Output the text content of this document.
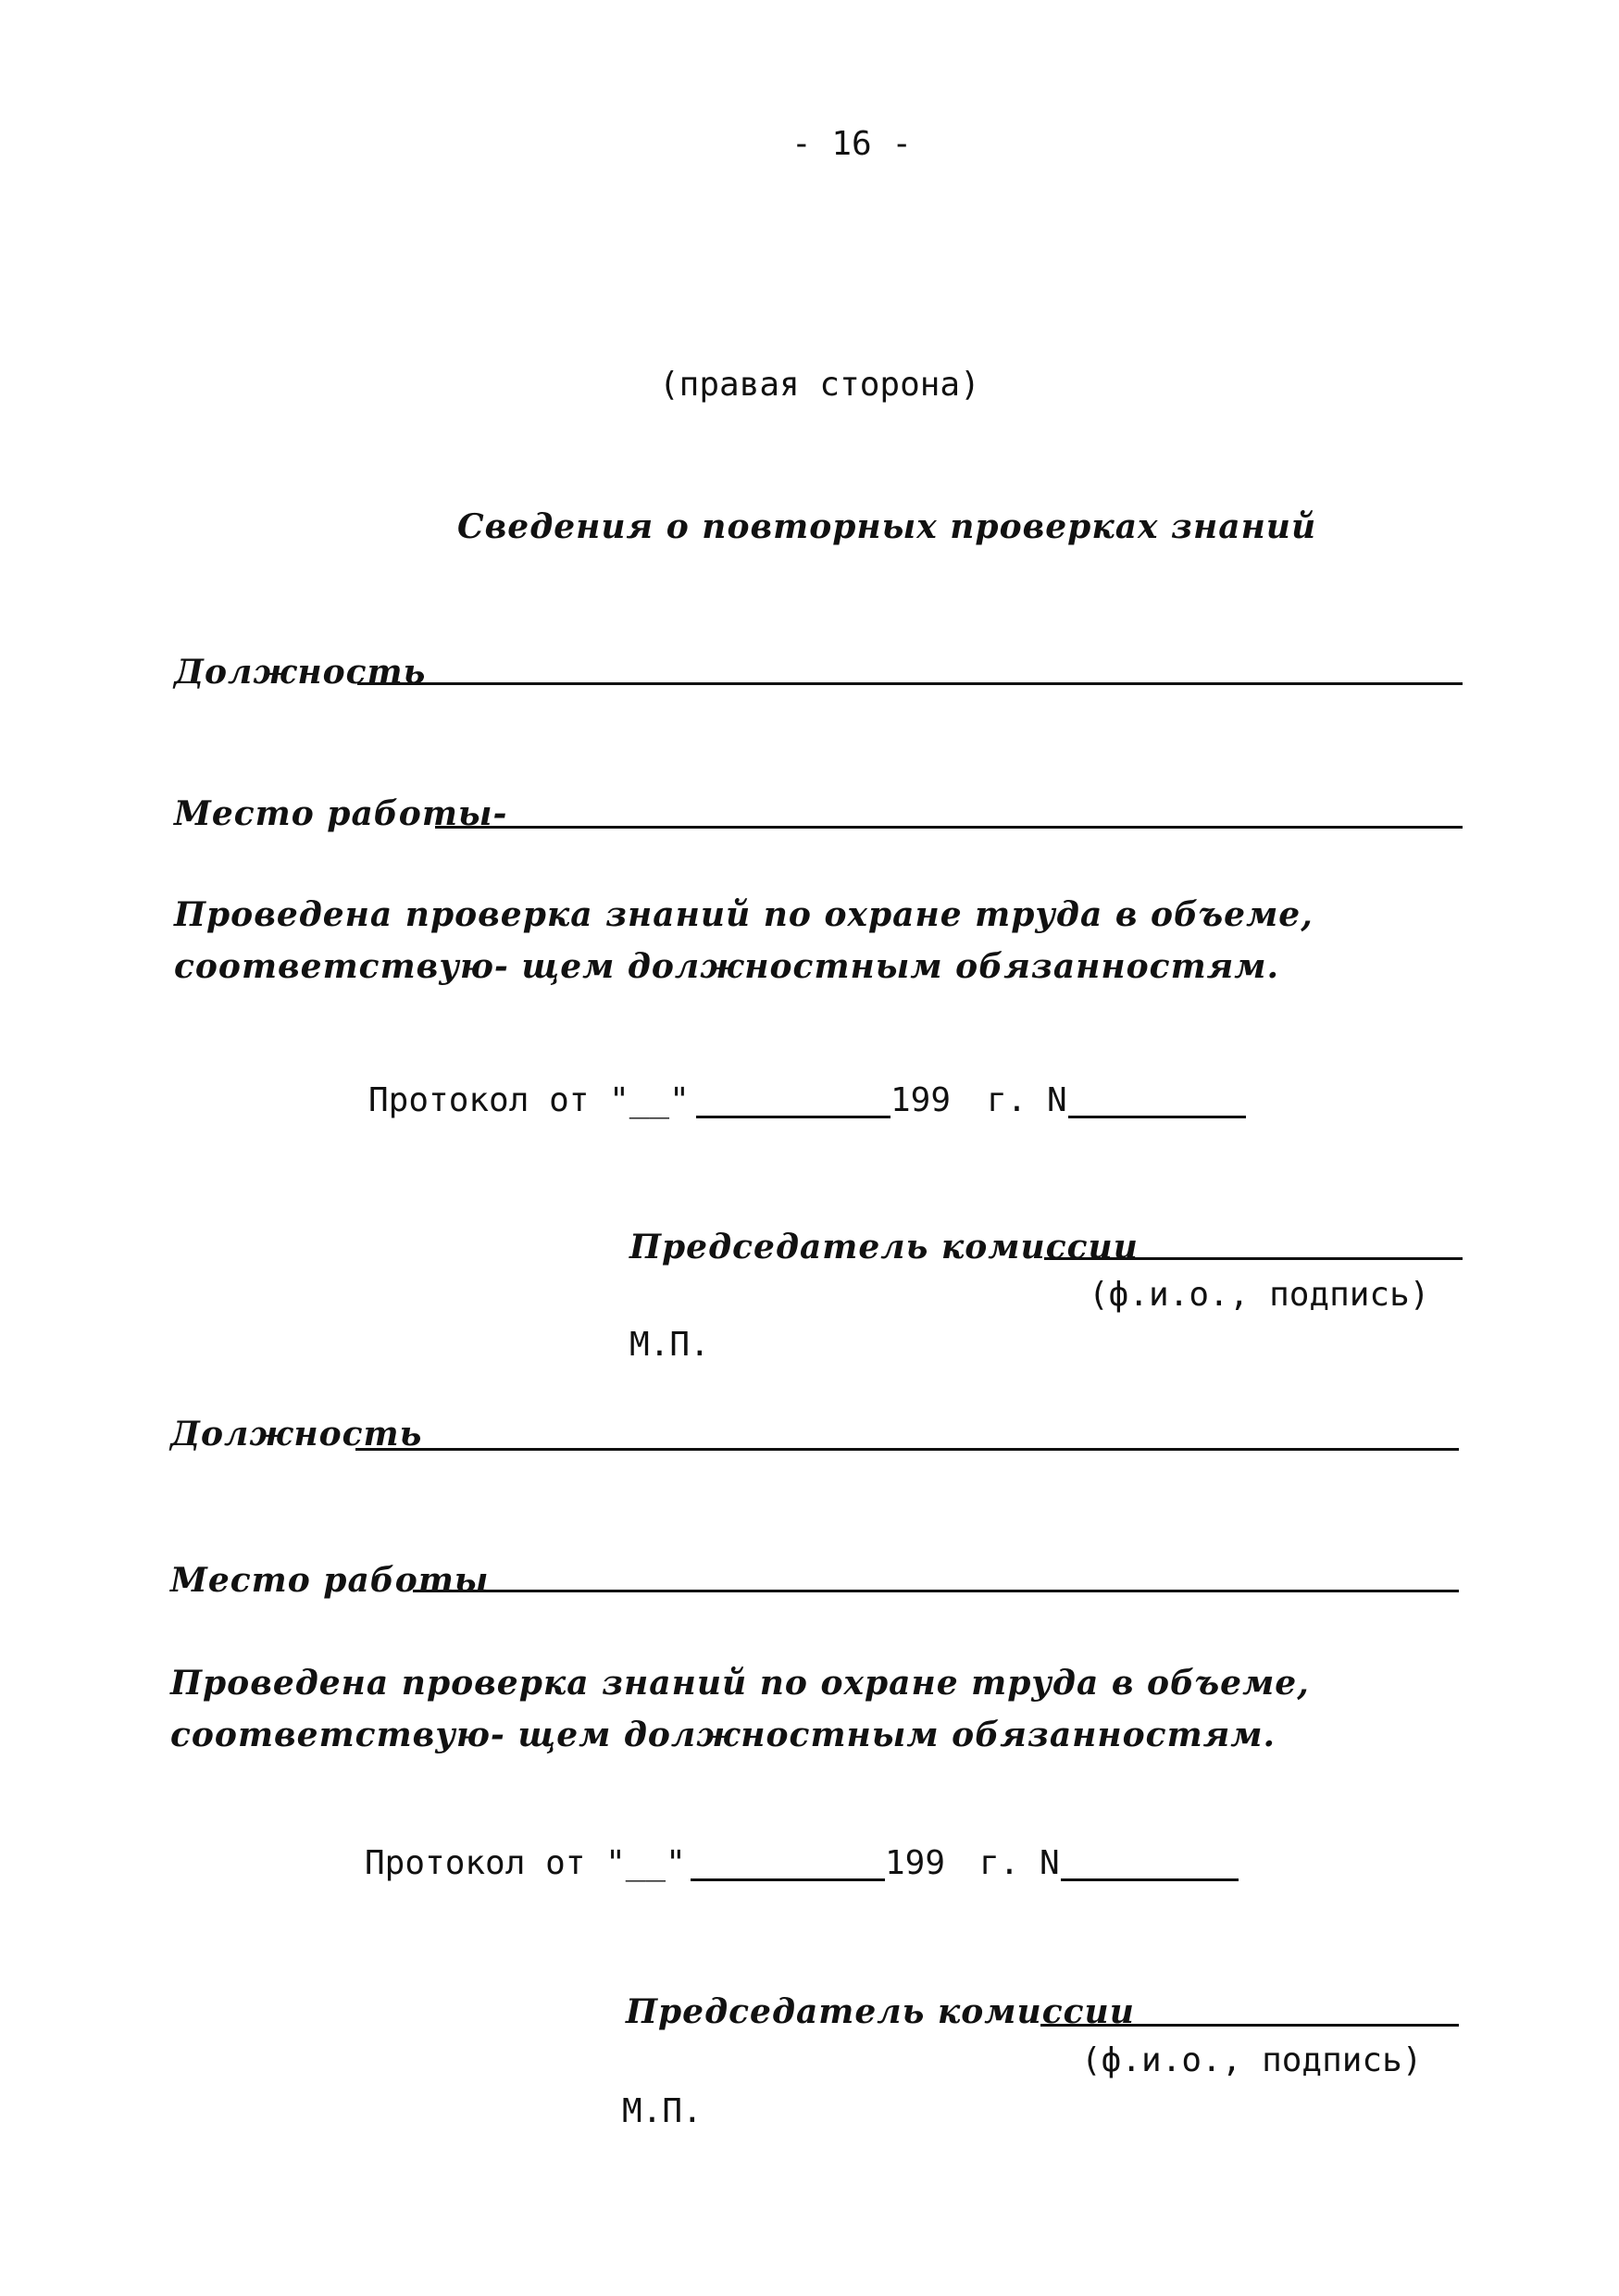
- 16 -
(правая сторона)
Сведения о повторных проверках знаний
Должность
Место работы-
Проведена проверка знаний по охране труда в объеме, соответствую- щем должностным обязанностям.
Протокол от "__"	199 г. N
Председатель комиссии
(ф.и.о., подпись)
М.П.
Должность
Место работы
Проведена проверка знаний по охране труда в объеме, соответствую- щем должностным обязанностям.
Протокол от "__"	199 г. N
Председатель комиссии
(ф.и.о., подпись)
М.П.
